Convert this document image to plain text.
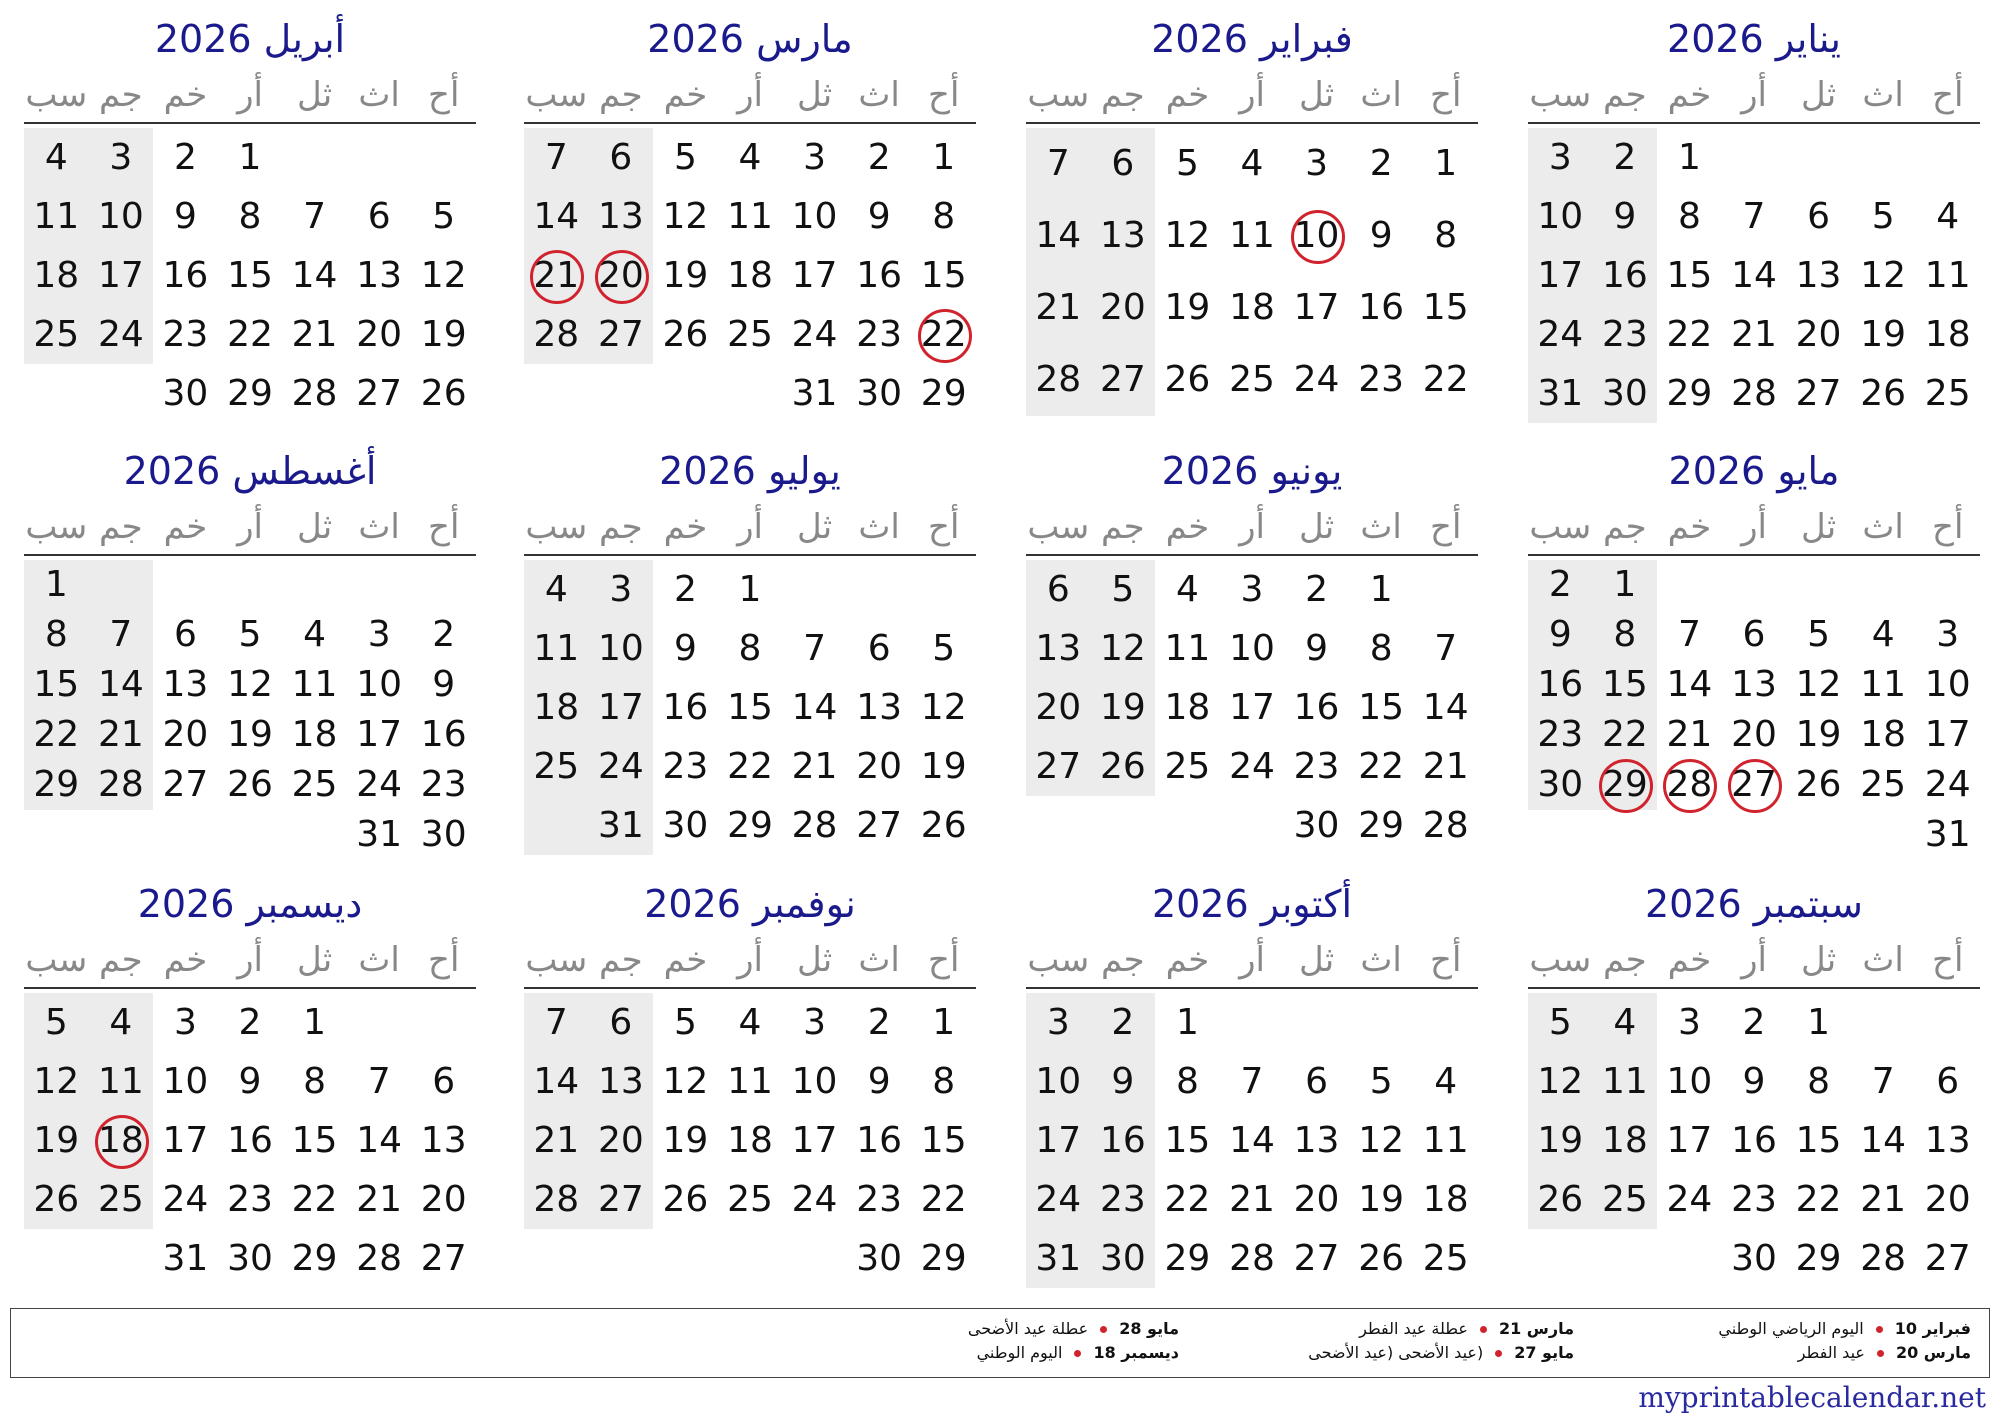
يناير 2026
أح
اث
ثل
أر
خم
جم
سب
1
2
3
4
5
6
7
8
9
10
11
12
13
14
15
16
17
18
19
20
21
22
23
24
25
26
27
28
29
30
31
فبراير 2026
أح
اث
ثل
أر
خم
جم
سب
1
2
3
4
5
6
7
8
9
10
11
12
13
14
15
16
17
18
19
20
21
22
23
24
25
26
27
28
مارس 2026
أح
اث
ثل
أر
خم
جم
سب
1
2
3
4
5
6
7
8
9
10
11
12
13
14
15
16
17
18
19
20
21
22
23
24
25
26
27
28
29
30
31
أبريل 2026
أح
اث
ثل
أر
خم
جم
سب
1
2
3
4
5
6
7
8
9
10
11
12
13
14
15
16
17
18
19
20
21
22
23
24
25
26
27
28
29
30
مايو 2026
أح
اث
ثل
أر
خم
جم
سب
1
2
3
4
5
6
7
8
9
10
11
12
13
14
15
16
17
18
19
20
21
22
23
24
25
26
27
28
29
30
31
يونيو 2026
أح
اث
ثل
أر
خم
جم
سب
1
2
3
4
5
6
7
8
9
10
11
12
13
14
15
16
17
18
19
20
21
22
23
24
25
26
27
28
29
30
يوليو 2026
أح
اث
ثل
أر
خم
جم
سب
1
2
3
4
5
6
7
8
9
10
11
12
13
14
15
16
17
18
19
20
21
22
23
24
25
26
27
28
29
30
31
أغسطس 2026
أح
اث
ثل
أر
خم
جم
سب
1
2
3
4
5
6
7
8
9
10
11
12
13
14
15
16
17
18
19
20
21
22
23
24
25
26
27
28
29
30
31
سبتمبر 2026
أح
اث
ثل
أر
خم
جم
سب
1
2
3
4
5
6
7
8
9
10
11
12
13
14
15
16
17
18
19
20
21
22
23
24
25
26
27
28
29
30
أكتوبر 2026
أح
اث
ثل
أر
خم
جم
سب
1
2
3
4
5
6
7
8
9
10
11
12
13
14
15
16
17
18
19
20
21
22
23
24
25
26
27
28
29
30
31
نوفمبر 2026
أح
اث
ثل
أر
خم
جم
سب
1
2
3
4
5
6
7
8
9
10
11
12
13
14
15
16
17
18
19
20
21
22
23
24
25
26
27
28
29
30
ديسمبر 2026
أح
اث
ثل
أر
خم
جم
سب
1
2
3
4
5
6
7
8
9
10
11
12
13
14
15
16
17
18
19
20
21
22
23
24
25
26
27
28
29
30
31
فبراير 10اليوم الرياضي الوطني
مارس 20عيد الفطر
مارس 21عطلة عيد الفطر
مايو 27(عيد الأضحى (عيد الأضحى
مايو 28عطلة عيد الأضحى
ديسمبر 18اليوم الوطني
myprintablecalendar.net
